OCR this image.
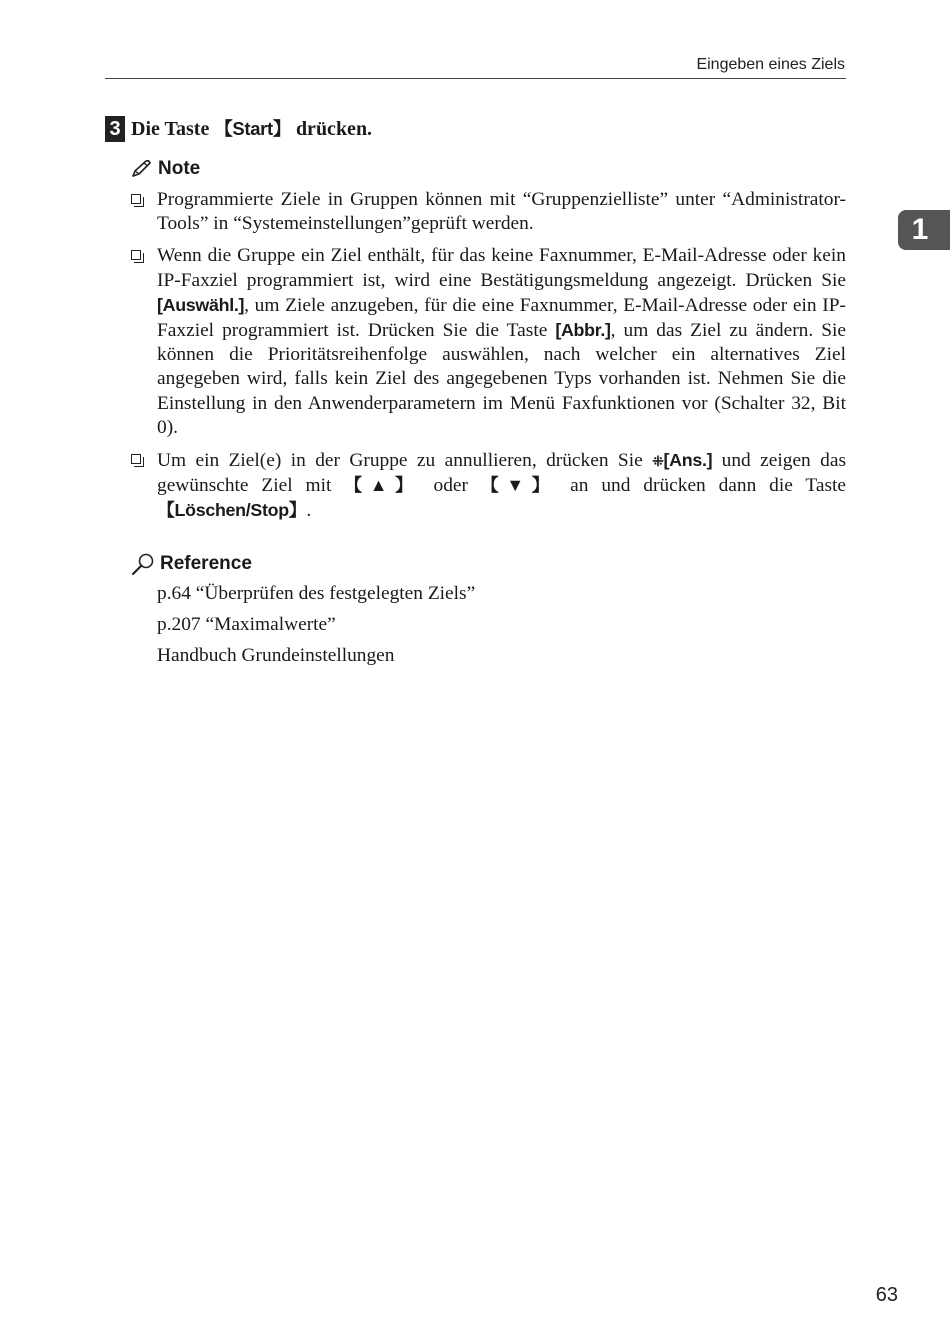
Eingeben eines Ziels
1
3 Die Taste 【Start】 drücken.
Note
Programmierte Ziele in Gruppen können mit “Gruppenzielliste” unter “Administrator-Tools” in “Systemeinstellungen”geprüft werden.
Wenn die Gruppe ein Ziel enthält, für das keine Faxnummer, E-Mail-Adresse oder kein IP-Faxziel programmiert ist, wird eine Bestätigungsmeldung angezeigt. Drücken Sie [Auswähl.], um Ziele anzugeben, für die eine Faxnummer, E-Mail-Adresse oder ein IP-Faxziel programmiert ist. Drücken Sie die Taste [Abbr.], um das Ziel zu ändern. Sie können die Prioritätsreihenfolge auswählen, nach welcher ein alternatives Ziel angegeben wird, falls kein Ziel des angegebenen Typs vorhanden ist. Nehmen Sie die Einstellung in den Anwenderparametern im Menü Faxfunktionen vor (Schalter 32, Bit 0).
Um ein Ziel(e) in der Gruppe zu annullieren, drücken Sie ⁜[Ans.] und zeigen das gewünschte Ziel mit 【▲】 oder 【▼】 an und drücken dann die Taste 【Löschen/Stop】.
Reference
p.64 “Überprüfen des festgelegten Ziels”
p.207 “Maximalwerte”
Handbuch Grundeinstellungen
63
